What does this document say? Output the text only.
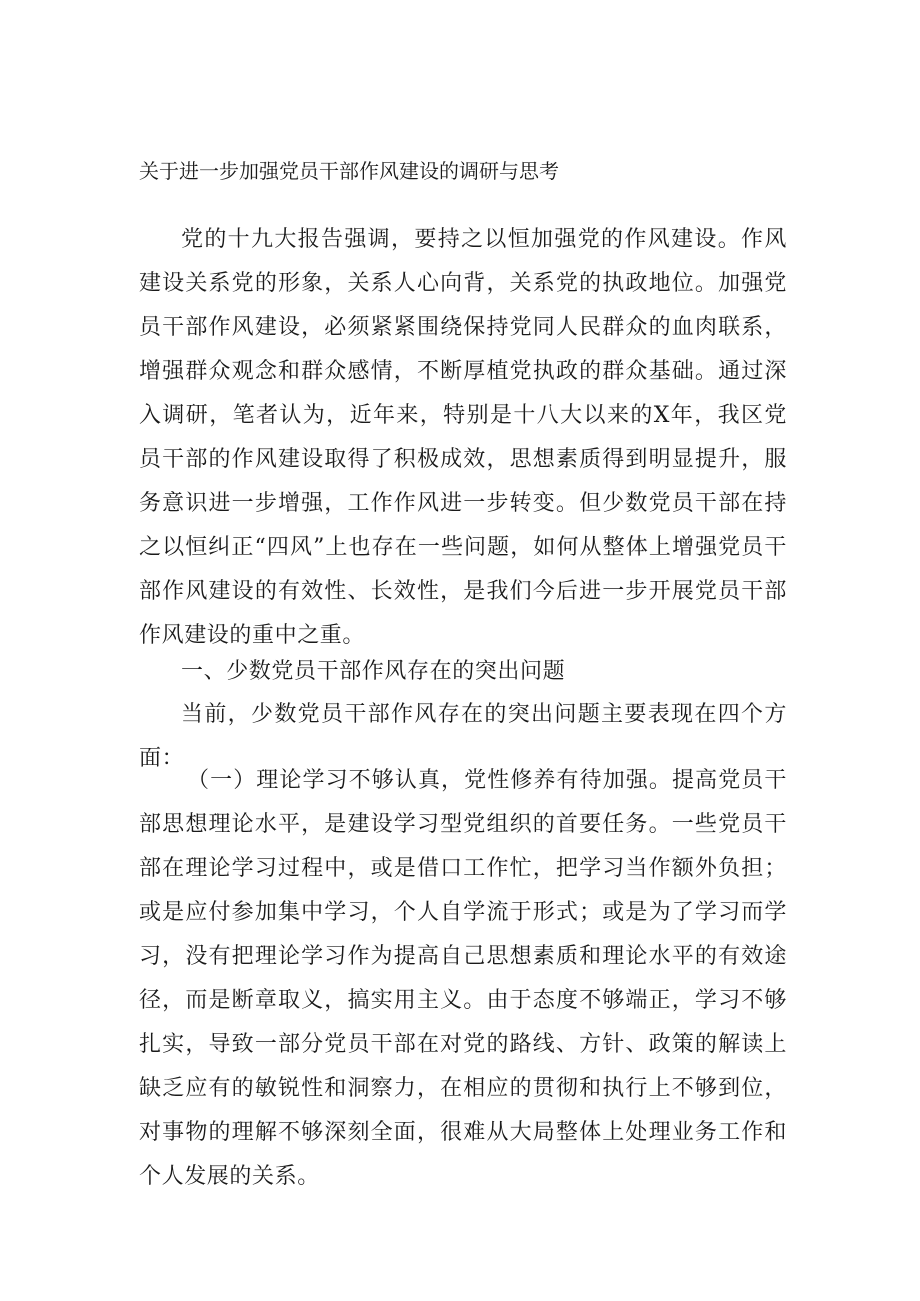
关于进一步加强党员干部作风建设的调研与思考

党的十九大报告强调，要持之以恒加强党的作风建设。作风建设关系党的形象，关系人心向背，关系党的执政地位。加强党员干部作风建设，必须紧紧围绕保持党同人民群众的血肉联系，增强群众观念和群众感情，不断厚植党执政的群众基础。通过深入调研，笔者认为，近年来，特别是十八大以来的X年，我区党员干部的作风建设取得了积极成效，思想素质得到明显提升，服务意识进一步增强，工作作风进一步转变。但少数党员干部在持之以恒纠正“四风”上也存在一些问题，如何从整体上增强党员干部作风建设的有效性、长效性，是我们今后进一步开展党员干部作风建设的重中之重。

一、少数党员干部作风存在的突出问题
当前，少数党员干部作风存在的突出问题主要表现在四个方面：

（一）理论学习不够认真，党性修养有待加强。提高党员干部思想理论水平，是建设学习型党组织的首要任务。一些党员干部在理论学习过程中，或是借口工作忙，把学习当作额外负担；或是应付参加集中学习，个人自学流于形式；或是为了学习而学习，没有把理论学习作为提高自己思想素质和理论水平的有效途径，而是断章取义，搞实用主义。由于态度不够端正，学习不够扎实，导致一部分党员干部在对党的路线、方针、政策的解读上缺乏应有的敏锐性和洞察力，在相应的贯彻和执行上不够到位，对事物的理解不够深刻全面，很难从大局整体上处理业务工作和个人发展的关系。
